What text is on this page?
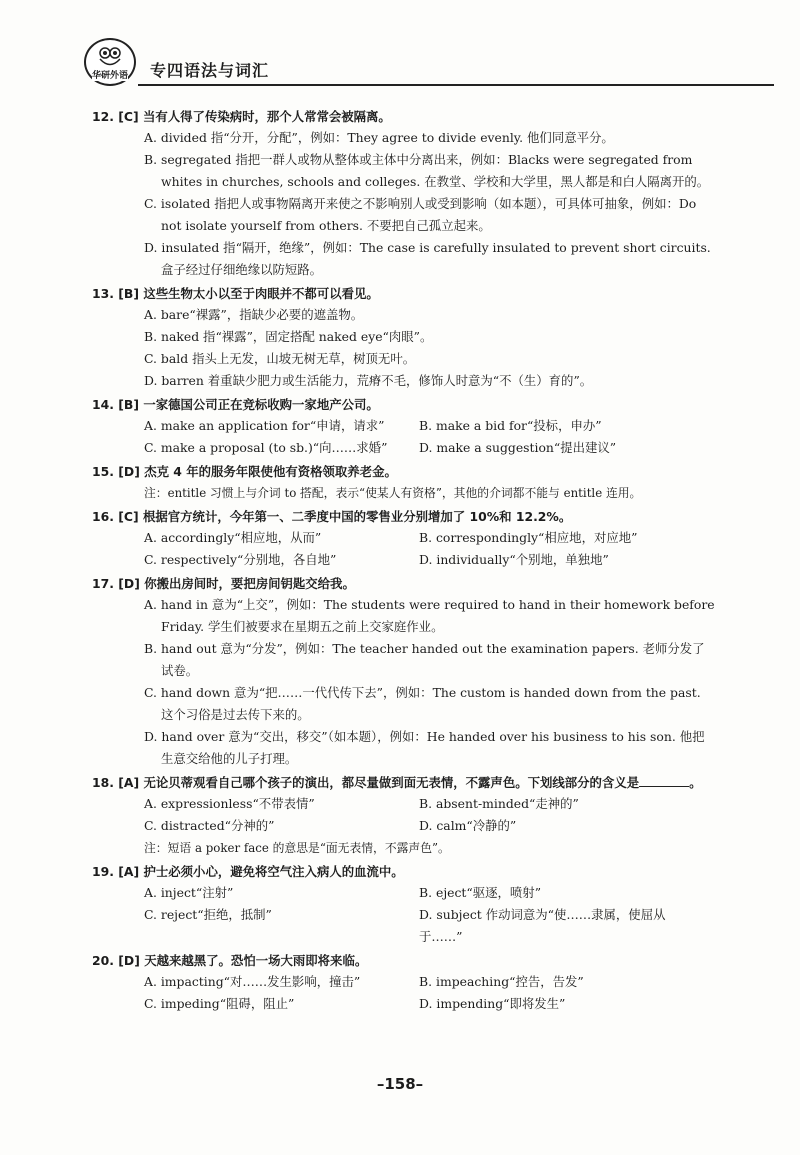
华研外语 专四语法与词汇
12. [C] 当有人得了传染病时，那个人常常会被隔离。
A. divided 指“分开，分配”，例如：They agree to divide evenly. 他们同意平分。
B. segregated 指把一群人或物从整体或主体中分离出来，例如：Blacks were segregated from
whites in churches, schools and colleges. 在教堂、学校和大学里，黑人都是和白人隔离开的。
C. isolated 指把人或事物隔离开来使之不影响别人或受到影响（如本题），可具体可抽象，例如：Do
not isolate yourself from others. 不要把自己孤立起来。
D. insulated 指“隔开，绝缘”，例如：The case is carefully insulated to prevent short circuits.
盒子经过仔细绝缘以防短路。
13. [B] 这些生物太小以至于肉眼并不都可以看见。
A. bare“裸露”，指缺少必要的遮盖物。
B. naked 指“裸露”，固定搭配 naked eye“肉眼”。
C. bald 指头上无发，山坡无树无草，树顶无叶。
D. barren 着重缺少肥力或生活能力，荒瘠不毛，修饰人时意为“不（生）育的”。
14. [B] 一家德国公司正在竞标收购一家地产公司。
A. make an application for“申请，请求”	B. make a bid for“投标，申办”
C. make a proposal (to sb.)“向……求婚”	D. make a suggestion“提出建议”
15. [D] 杰克 4 年的服务年限使他有资格领取养老金。
注：entitle 习惯上与介词 to 搭配，表示“使某人有资格”，其他的介词都不能与 entitle 连用。
16. [C] 根据官方统计，今年第一、二季度中国的零售业分别增加了 10%和 12.2%。
A. accordingly“相应地，从而”	B. correspondingly“相应地，对应地”
C. respectively“分别地，各自地”	D. individually“个别地，单独地”
17. [D] 你搬出房间时，要把房间钥匙交给我。
A. hand in 意为“上交”，例如：The students were required to hand in their homework before
Friday. 学生们被要求在星期五之前上交家庭作业。
B. hand out 意为“分发”，例如：The teacher handed out the examination papers. 老师分发了
试卷。
C. hand down 意为“把……一代代传下去”，例如：The custom is handed down from the past.
这个习俗是过去传下来的。
D. hand over 意为“交出，移交”（如本题），例如：He handed over his business to his son. 他把
生意交给他的儿子打理。
18. [A] 无论贝蒂观看自己哪个孩子的演出，都尽量做到面无表情，不露声色。下划线部分的含义是	。
A. expressionless“不带表情”	B. absent-minded“走神的”
C. distracted“分神的”	D. calm“冷静的”
注：短语 a poker face 的意思是“面无表情，不露声色”。
19. [A] 护士必须小心，避免将空气注入病人的血流中。
A. inject“注射”	B. eject“驱逐，喷射”
C. reject“拒绝，抵制”	D. subject 作动词意为“使……隶属，使屈从于……”
20. [D] 天越来越黑了。恐怕一场大雨即将来临。
A. impacting“对……发生影响，撞击”	B. impeaching“控告，告发”
C. impeding“阻碍，阻止”	D. impending“即将发生”
–158–
